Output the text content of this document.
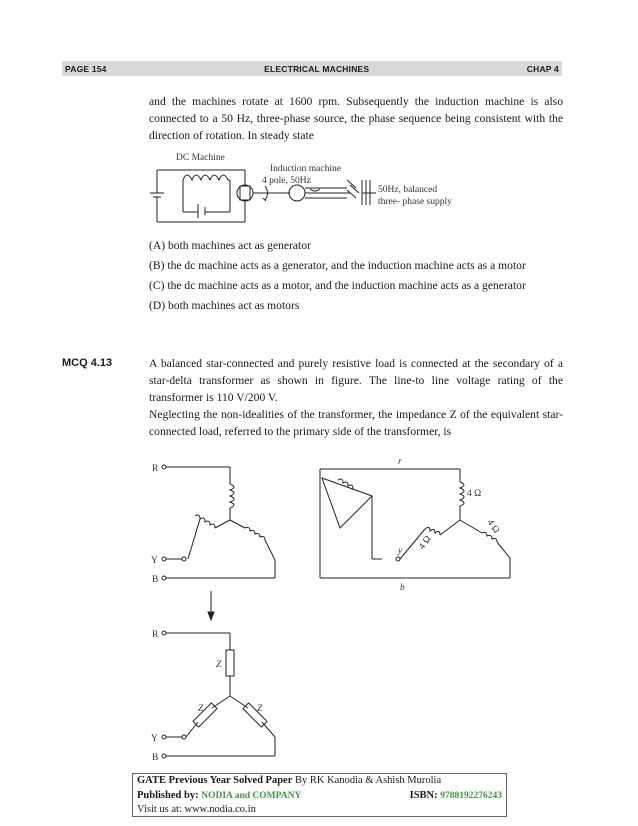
PAGE 154	ELECTRICAL MACHINES	CHAP 4

and the machines rotate at 1600 rpm. Subsequently the induction machine is also connected to a 50 Hz, three-phase source, the phase sequence being consistent with the direction of rotation. In steady state

DC Machine
Induction machine
4 pole, 50Hz
50Hz, balanced
three- phase supply
(A) both machines act as generator
(B) the dc machine acts as a generator, and the induction machine acts as a motor
(C) the dc machine acts as a motor, and the induction machine acts as a generator
(D) both machines act as motors
MCQ 4.13	A balanced star-connected and purely resistive load is connected at the secondary of a star-delta transformer as shown in figure. The line-to line voltage rating of the transformer is 110 V/200 V.

Neglecting the non-idealities of the transformer, the impedance Z of the equivalent star-connected load, referred to the primary side of the transformer, is

R
Y
B
r
y
b
4 Ω
4 Ω
4 Ω
R
Z
Z	Z
Y
B
GATE Previous Year Solved Paper By RK Kanodia & Ashish Murolia
Published by: NODIA and COMPANY	ISBN: 9788192276243
Visit us at: www.nodia.co.in
